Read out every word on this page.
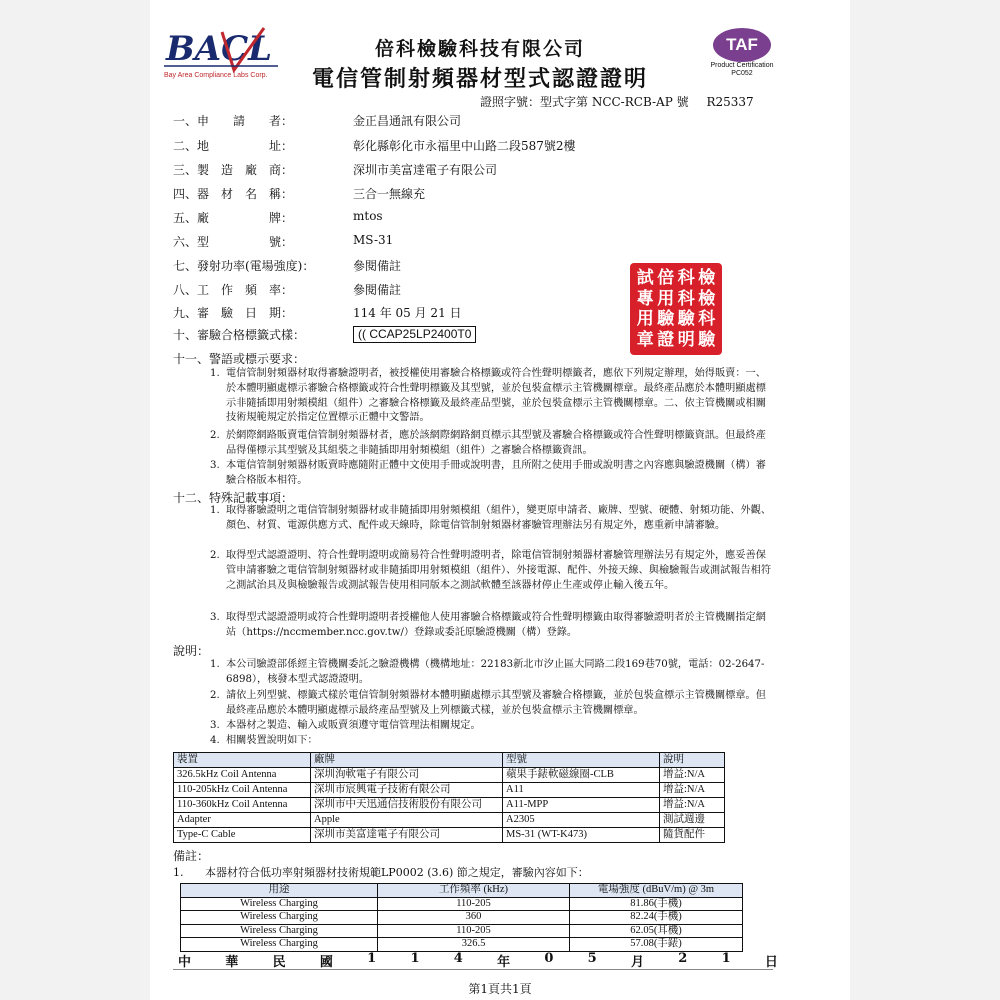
BACL
Bay Area Compliance Labs Corp.
倍科檢驗科技有限公司
電信管制射頻器材型式認證證明
TAF
Product Certification
PC052
證照字號：型式字第 NCC-RCB-AP 號 R25337
一、申　　請　　者：	金正昌通訊有限公司
二、地　　　　　址：	彰化縣彰化市永福里中山路二段587號2樓
三、製　造　廠　商：	深圳市美富達電子有限公司
四、器　材　名　稱：	三合一無線充
五、廠　　　　　牌：	mtos
六、型　　　　　號：	MS-31
七、發射功率(電場強度)：	參閱備註
八、工　作　頻　率：	參閱備註
九、審　驗　日　期：	114 年 05 月 21 日
十、審驗合格標籤式樣：	(( CCAP25LP2400T0
試 倍 科 檢
專 用 科 檢
用 驗 驗 科
章 證 明 驗
十一、警語或標示要求：
1. 電信管制射頻器材取得審驗證明者，被授權使用審驗合格標籤或符合性聲明標籤者，應依下列規定辦理，始得販賣：一、於本體明顯處標示審驗合格標籤或符合性聲明標籤及其型號，並於包裝盒標示主管機關標章。最終產品應於本體明顯處標示非隨插即用射頻模組（組件）之審驗合格標籤及最終產品型號，並於包裝盒標示主管機關標章。二、依主管機關或相關技術規範規定於指定位置標示正體中文警語。
2. 於網際網路販賣電信管制射頻器材者，應於該網際網路網頁標示其型號及審驗合格標籤或符合性聲明標籤資訊。但最終產品得僅標示其型號及其組裝之非隨插即用射頻模組（組件）之審驗合格標籤資訊。
3. 本電信管制射頻器材販賣時應隨附正體中文使用手冊或說明書，且所附之使用手冊或說明書之內容應與驗證機關（構）審驗合格版本相符。
十二、特殊記載事項：
1. 取得審驗證明之電信管制射頻器材或非隨插即用射頻模組（組件），變更原申請者、廠牌、型號、硬體、射頻功能、外觀、顏色、材質、電源供應方式、配件或天線時，除電信管制射頻器材審驗管理辦法另有規定外，應重新申請審驗。
2. 取得型式認證證明、符合性聲明證明或簡易符合性聲明證明者，除電信管制射頻器材審驗管理辦法另有規定外，應妥善保管申請審驗之電信管制射頻器材或非隨插即用射頻模組（組件）、外接電源、配件、外接天線、與檢驗報告或測試報告相符之測試治具及與檢驗報告或測試報告使用相同版本之測試軟體至該器材停止生產或停止輸入後五年。
3. 取得型式認證證明或符合性聲明證明者授權他人使用審驗合格標籤或符合性聲明標籤由取得審驗證明者於主管機關指定網站（https://nccmember.ncc.gov.tw/）登錄或委託原驗證機關（構）登錄。
說明：
1. 本公司驗證部係經主管機關委託之驗證機構（機構地址：22183新北市汐止區大同路二段169巷70號，電話：02-2647-6898），核發本型式認證證明。
2. 請依上列型號、標籤式樣於電信管制射頻器材本體明顯處標示其型號及審驗合格標籤，並於包裝盒標示主管機關標章。但最終產品應於本體明顯處標示最終產品型號及上列標籤式樣，並於包裝盒標示主管機關標章。
3. 本器材之製造、輸入或販賣須遵守電信管理法相關規定。
4. 相關裝置說明如下：
裝置	廠牌	型號	說明
326.5kHz Coil Antenna	深圳洵軟電子有限公司	蘋果手錶軟磁線圈-CLB	增益:N/A
110-205kHz Coil Antenna	深圳市宸興電子技術有限公司	A11	增益:N/A
110-360kHz Coil Antenna	深圳市中天迅通信技術股份有限公司	A11-MPP	增益:N/A
Adapter	Apple	A2305	測試週邊
Type-C Cable	深圳市美富達電子有限公司	MS-31 (WT-K473)	隨貨配件
備註：
1. 本器材符合低功率射頻器材技術規範LP0002 (3.6) 節之規定，審驗內容如下：
用途	工作頻率 (kHz)	電場強度 (dBuV/m) @ 3m
Wireless Charging	110-205	81.86(手機)
Wireless Charging	360	82.24(手機)
Wireless Charging	110-205	62.05(耳機)
Wireless Charging	326.5	57.08(手錶)
中	華	民	國	1	1	4	年	0	5	月	2	1	日
第1頁共1頁
